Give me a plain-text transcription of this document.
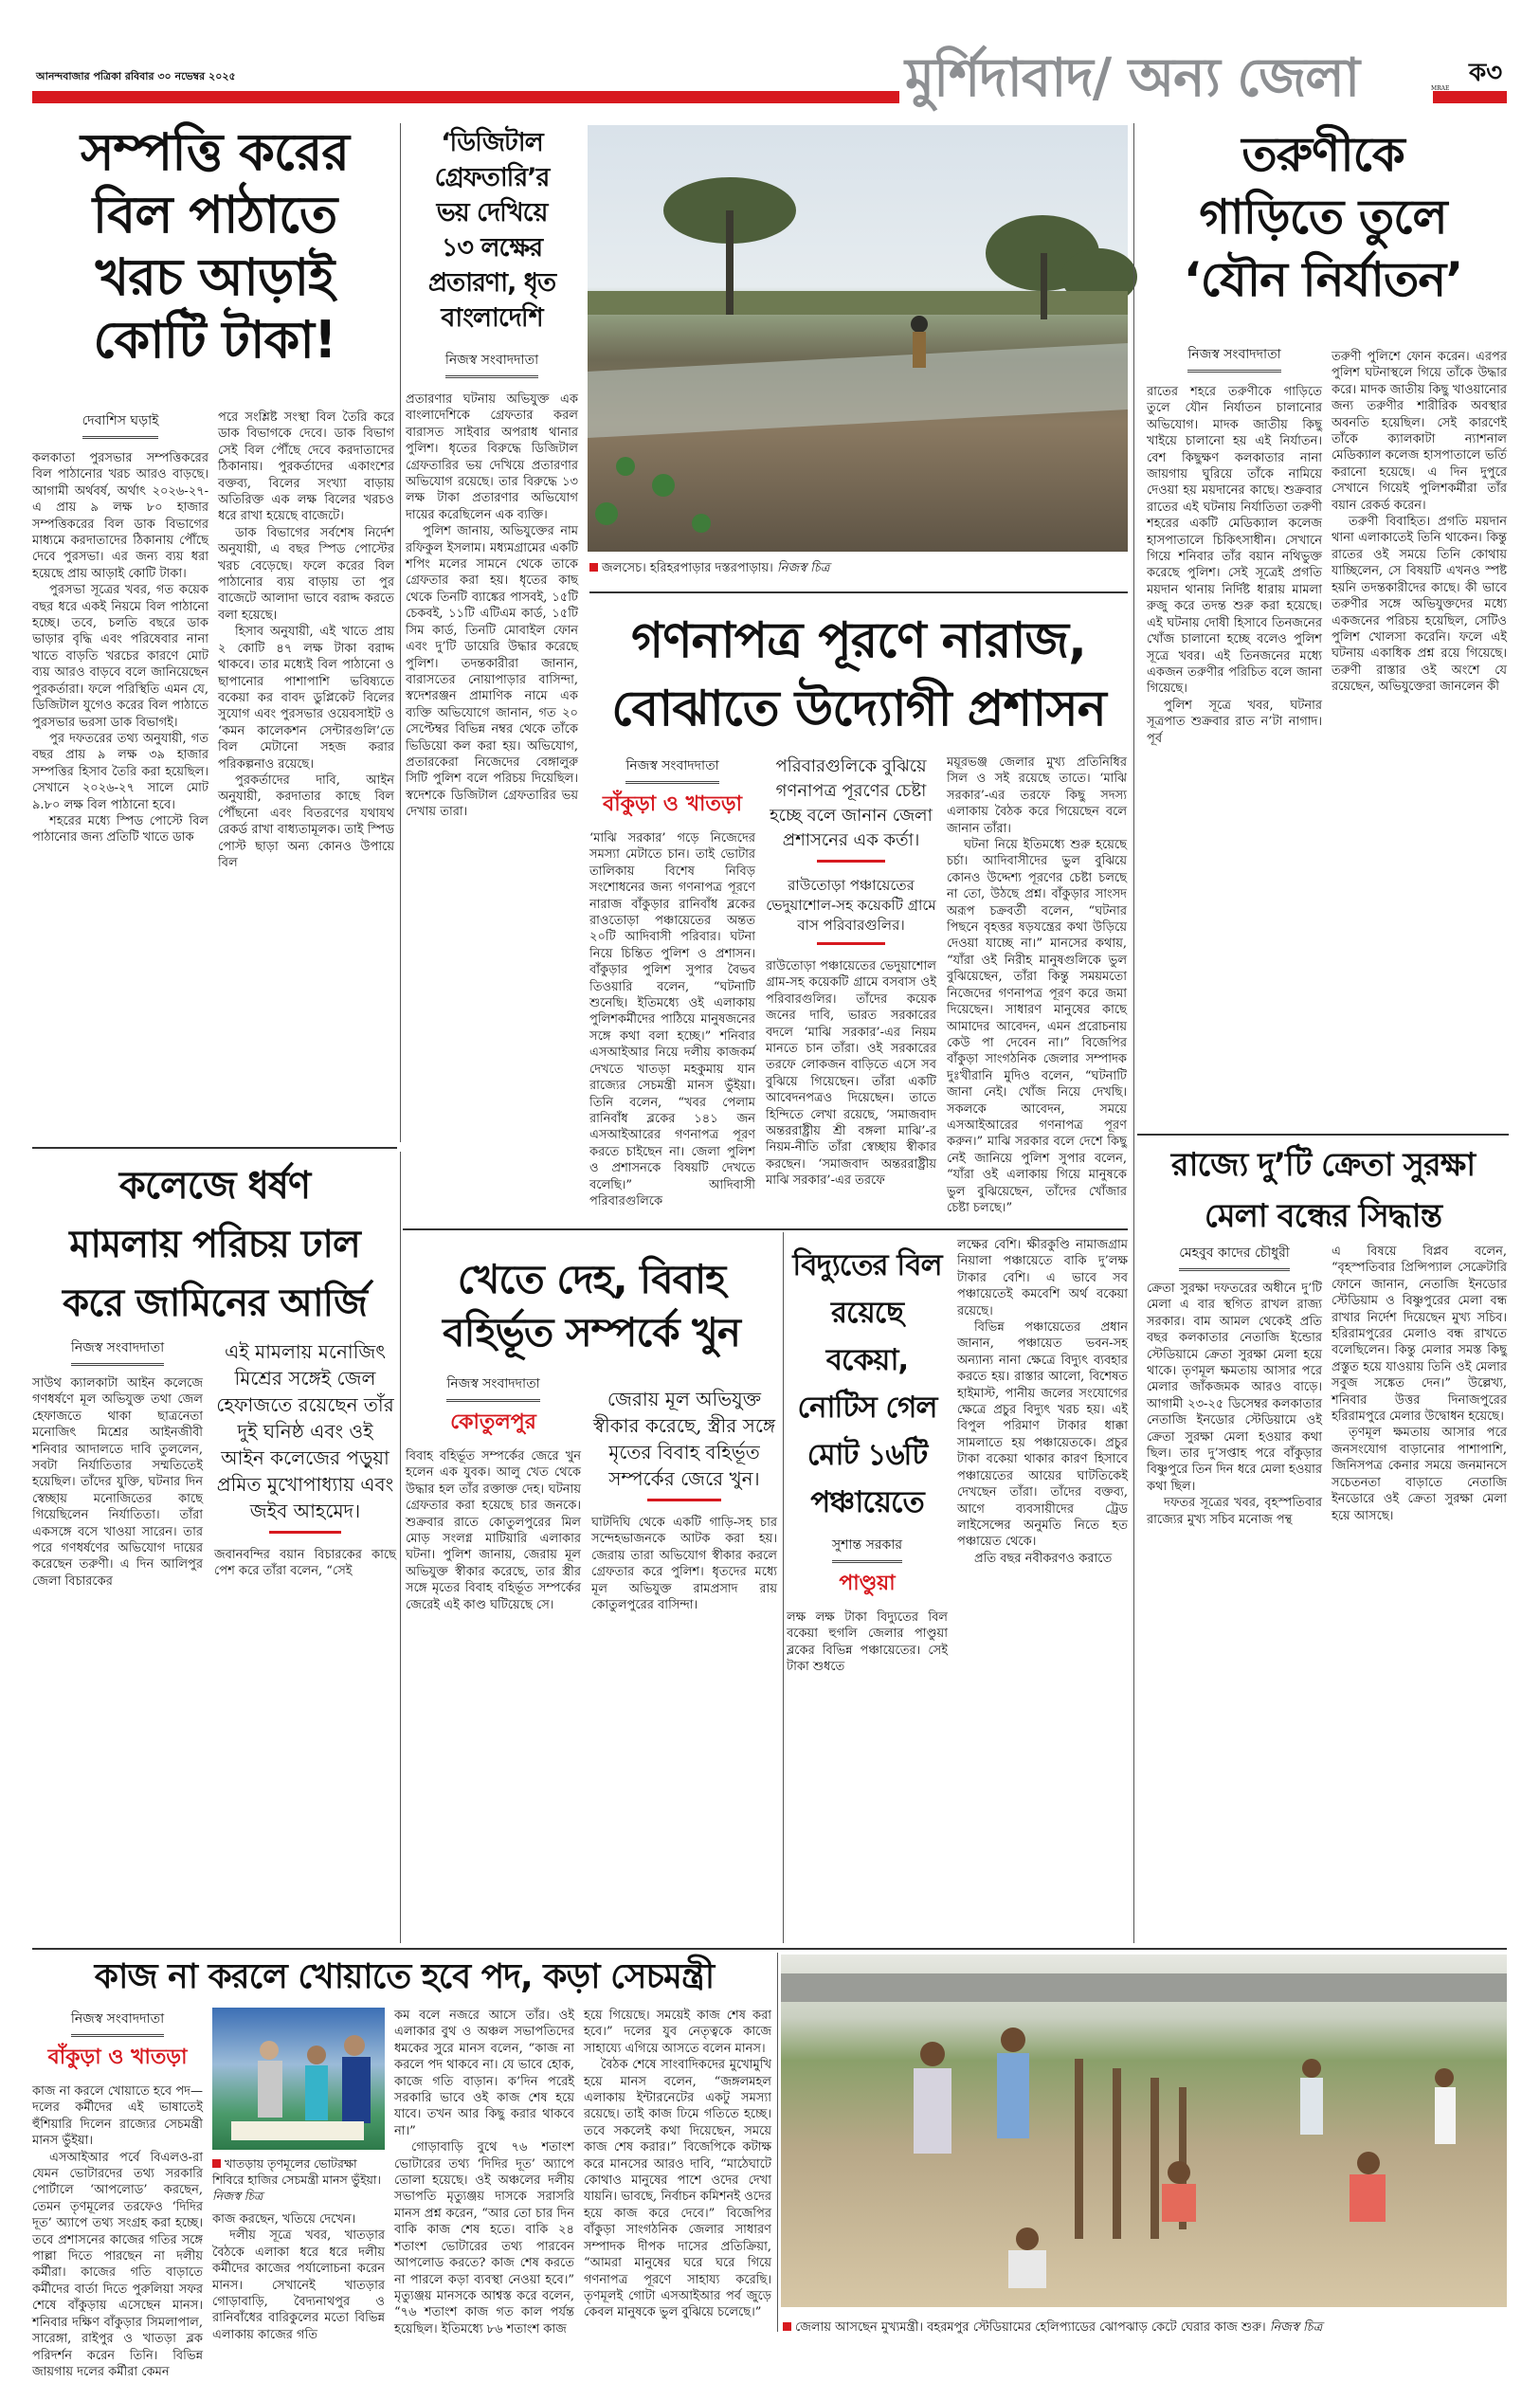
আনন্দবাজার পত্রিকা রবিবার ৩০ নভেম্বর ২০২৫	মুর্শিদাবাদ/ অন্য জেলা	MRAE
ক৩
সম্পত্তি করের
বিল পাঠাতে
খরচ আড়াই
কোটি টাকা!
দেবাশিস ঘড়াই

কলকাতা পুরসভার সম্পত্তিকরের বিল পাঠানোর খরচ আরও বাড়ছে। আগামী অর্থবর্ষ, অর্থাৎ ২০২৬-২৭-এ প্রায় ৯ লক্ষ ৮০ হাজার সম্পত্তিকরের বিল ডাক বিভাগের মাধ্যমে করদাতাদের ঠিকানায় পৌঁছে দেবে পুরসভা। এর জন্য ব্যয় ধরা হয়েছে প্রায় আড়াই কোটি টাকা।

পুরসভা সূত্রের খবর, গত কয়েক বছর ধরে একই নিয়মে বিল পাঠানো হচ্ছে। তবে, চলতি বছরে ডাক ভাড়ার বৃদ্ধি এবং পরিষেবার নানা খাতে বাড়তি খরচের কারণে মোট ব্যয় আরও বাড়বে বলে জানিয়েছেন পুরকর্তারা। ফলে পরিস্থিতি এমন যে, ডিজিটাল যুগেও করের বিল পাঠাতে পুরসভার ভরসা ডাক বিভাগই।

পুর দফতরের তথ্য অনুযায়ী, গত বছর প্রায় ৯ লক্ষ ৩৯ হাজার সম্পত্তির হিসাব তৈরি করা হয়েছিল। সেখানে ২০২৬-২৭ সালে মোট ৯.৮০ লক্ষ বিল পাঠানো হবে।

শহরের মধ্যে স্পিড পোস্টে বিল পাঠানোর জন্য প্রতিটি খাতে ডাক

পরে সংশ্লিষ্ট সংস্থা বিল তৈরি করে ডাক বিভাগকে দেবে। ডাক বিভাগ সেই বিল পৌঁছে দেবে করদাতাদের ঠিকানায়। পুরকর্তাদের একাংশের বক্তব্য, বিলের সংখ্যা বাড়ায় অতিরিক্ত এক লক্ষ বিলের খরচও ধরে রাখা হয়েছে বাজেটে।

ডাক বিভাগের সর্বশেষ নির্দেশ অনুযায়ী, এ বছর স্পিড পোস্টের খরচ বেড়েছে। ফলে করের বিল পাঠানোর ব্যয় বাড়ায় তা পুর বাজেটে আলাদা ভাবে বরাদ্দ করতে বলা হয়েছে।

হিসাব অনুযায়ী, এই খাতে প্রায় ২ কোটি ৪৭ লক্ষ টাকা বরাদ্দ থাকবে। তার মধ্যেই বিল পাঠানো ও ছাপানোর পাশাপাশি ভবিষ্যতে বকেয়া কর বাবদ ডুপ্লিকেট বিলের সুযোগ এবং পুরসভার ওয়েবসাইট ও ‘কমন কালেকশন সেন্টারগুলি’তে বিল মেটানো সহজ করার পরিকল্পনাও রয়েছে।

পুরকর্তাদের দাবি, আইন অনুযায়ী, করদাতার কাছে বিল পৌঁছনো এবং বিতরণের যথাযথ রেকর্ড রাখা বাধ্যতামূলক। তাই স্পিড পোস্ট ছাড়া অন্য কোনও উপায়ে বিল

‘ডিজিটাল
গ্রেফতারি’র
ভয় দেখিয়ে
১৩ লক্ষের
প্রতারণা, ধৃত
বাংলাদেশি
নিজস্ব সংবাদদাতা

প্রতারণার ঘটনায় অভিযুক্ত এক বাংলাদেশিকে গ্রেফতার করল বারাসত সাইবার অপরাধ থানার পুলিশ। ধৃতের বিরুদ্ধে ডিজিটাল গ্রেফতারির ভয় দেখিয়ে প্রতারণার অভিযোগ রয়েছে। তার বিরুদ্ধে ১৩ লক্ষ টাকা প্রতারণার অভিযোগ দায়ের করেছিলেন এক ব্যক্তি।

পুলিশ জানায়, অভিযুক্তের নাম রফিকুল ইসলাম। মধ্যমগ্রামের একটি শপিং মলের সামনে থেকে তাকে গ্রেফতার করা হয়। ধৃতের কাছ থেকে তিনটি ব্যাঙ্কের পাসবই, ১৫টি চেকবই, ১১টি এটিএম কার্ড, ১৫টি সিম কার্ড, তিনটি মোবাইল ফোন এবং দু’টি ডায়েরি উদ্ধার করেছে পুলিশ। তদন্তকারীরা জানান, বারাসতের নোয়াপাড়ার বাসিন্দা, স্বদেশরঞ্জন প্রামাণিক নামে এক ব্যক্তি অভিযোগে জানান, গত ২০ সেপ্টেম্বর বিভিন্ন নম্বর থেকে তাঁকে ভিডিয়ো কল করা হয়। অভিযোগ, প্রতারকেরা নিজেদের বেঙ্গালুরু সিটি পুলিশ বলে পরিচয় দিয়েছিল। স্বদেশকে ডিজিটাল গ্রেফতারির ভয় দেখায় তারা।

জলসেচ। হরিহরপাড়ার দস্তরপাড়ায়। নিজস্ব চিত্র
গণনাপত্র পূরণে নারাজ,
বোঝাতে উদ্যোগী প্রশাসন
নিজস্ব সংবাদদাতা
বাঁকুড়া ও খাতড়া

‘মাঝি সরকার’ গড়ে নিজেদের সমস্যা মেটাতে চান। তাই ভোটার তালিকায় বিশেষ নিবিড় সংশোধনের জন্য গণনাপত্র পূরণে নারাজ বাঁকুড়ার রানিবাঁধ ব্লকের রাওতোড়া পঞ্চায়েতের অন্তত ২০টি আদিবাসী পরিবার। ঘটনা নিয়ে চিন্তিত পুলিশ ও প্রশাসন। বাঁকুড়ার পুলিশ সুপার বৈভব তিওয়ারি বলেন, “ঘটনাটি শুনেছি। ইতিমধ্যে ওই এলাকায় পুলিশকর্মীদের পাঠিয়ে মানুষজনের সঙ্গে কথা বলা হচ্ছে।” শনিবার এসআইআর নিয়ে দলীয় কাজকর্ম দেখতে খাতড়া মহকুমায় যান রাজ্যের সেচমন্ত্রী মানস ভুঁইয়া। তিনি বলেন, “খবর পেলাম রানিবাঁধ ব্লকের ১৪১ জন এসআইআরের গণনাপত্র পূরণ করতে চাইছেন না। জেলা পুলিশ ও প্রশাসনকে বিষয়টি দেখতে বলেছি।” আদিবাসী পরিবারগুলিকে

পরিবারগুলিকে বুঝিয়ে গণনাপত্র পূরণের চেষ্টা হচ্ছে বলে জানান জেলা প্রশাসনের এক কর্তা।
রাউতোড়া পঞ্চায়েতের ভেদুয়াশোল-সহ কয়েকটি গ্রামে বাস পরিবারগুলির।

রাউতোড়া পঞ্চায়েতের ভেদুয়াশোল গ্রাম-সহ কয়েকটি গ্রামে বসবাস ওই পরিবারগুলির। তাঁদের কয়েক জনের দাবি, ভারত সরকারের বদলে ‘মাঝি সরকার’-এর নিয়ম মানতে চান তাঁরা। ওই সরকারের তরফে লোকজন বাড়িতে এসে সব বুঝিয়ে গিয়েছেন। তাঁরা একটি আবেদনপত্রও দিয়েছেন। তাতে হিন্দিতে লেখা রয়েছে, ‘সমাজবাদ অন্তররাষ্ট্রীয় শ্রী বঙ্গলা মাঝি’-র নিয়ম-নীতি তাঁরা স্বেচ্ছায় স্বীকার করছেন। ‘সমাজবাদ অন্তররাষ্ট্রীয় মাঝি সরকার’-এর তরফে

ময়ূরভঞ্জ জেলার মুখ্য প্রতিনিধির সিল ও সই রয়েছে তাতে। ‘মাঝি সরকার’-এর তরফে কিছু সদস্য এলাকায় বৈঠক করে গিয়েছেন বলে জানান তাঁরা।

ঘটনা নিয়ে ইতিমধ্যে শুরু হয়েছে চর্চা। আদিবাসীদের ভুল বুঝিয়ে কোনও উদ্দেশ্য পূরণের চেষ্টা চলছে না তো, উঠছে প্রশ্ন। বাঁকুড়ার সাংসদ অরূপ চক্রবর্তী বলেন, “ঘটনার পিছনে বৃহত্তর ষড়যন্ত্রের কথা উড়িয়ে দেওয়া যাচ্ছে না।” মানসের কথায়, “যাঁরা ওই নিরীহ মানুষগুলিকে ভুল বুঝিয়েছেন, তাঁরা কিন্তু সময়মতো নিজেদের গণনাপত্র পূরণ করে জমা দিয়েছেন। সাধারণ মানুষের কাছে আমাদের আবেদন, এমন প্ররোচনায় কেউ পা দেবেন না।” বিজেপির বাঁকুড়া সাংগঠনিক জেলার সম্পাদক দুঃখীরানি মুদিও বলেন, “ঘটনাটি জানা নেই। খোঁজ নিয়ে দেখছি। সকলকে আবেদন, সময়ে এসআইআরের গণনাপত্র পূরণ করুন।” মাঝি সরকার বলে দেশে কিছু নেই জানিয়ে পুলিশ সুপার বলেন, “যাঁরা ওই এলাকায় গিয়ে মানুষকে ভুল বুঝিয়েছেন, তাঁদের খোঁজার চেষ্টা চলছে।”

তরুণীকে
গাড়িতে তুলে
‘যৌন নির্যাতন’
নিজস্ব সংবাদদাতা

রাতের শহরে তরুণীকে গাড়িতে তুলে যৌন নির্যাতন চালানোর অভিযোগ। মাদক জাতীয় কিছু খাইয়ে চালানো হয় এই নির্যাতন। বেশ কিছুক্ষণ কলকাতার নানা জায়গায় ঘুরিয়ে তাঁকে নামিয়ে দেওয়া হয় ময়দানের কাছে। শুক্রবার রাতের এই ঘটনায় নির্যাতিতা তরুণী শহরের একটি মেডিক্যাল কলেজ হাসপাতালে চিকিৎসাধীন। সেখানে গিয়ে শনিবার তাঁর বয়ান নথিভুক্ত করেছে পুলিশ। সেই সূত্রেই প্রগতি ময়দান থানায় নির্দিষ্ট ধারায় মামলা রুজু করে তদন্ত শুরু করা হয়েছে। এই ঘটনায় দোষী হিসাবে তিনজনের খোঁজ চালানো হচ্ছে বলেও পুলিশ সূত্রে খবর। এই তিনজনের মধ্যে একজন তরুণীর পরিচিত বলে জানা গিয়েছে।

পুলিশ সূত্রে খবর, ঘটনার সূত্রপাত শুক্রবার রাত ন’টা নাগাদ। পূর্ব

তরুণী পুলিশে ফোন করেন। এরপর পুলিশ ঘটনাস্থলে গিয়ে তাঁকে উদ্ধার করে। মাদক জাতীয় কিছু খাওয়ানোর জন্য তরুণীর শারীরিক অবস্থার অবনতি হয়েছিল। সেই কারণেই তাঁকে ক্যালকাটা ন্যাশনাল মেডিক্যাল কলেজ হাসপাতালে ভর্তি করানো হয়েছে। এ দিন দুপুরে সেখানে গিয়েই পুলিশকর্মীরা তাঁর বয়ান রেকর্ড করেন।

তরুণী বিবাহিত। প্রগতি ময়দান থানা এলাকাতেই তিনি থাকেন। কিন্তু রাতের ওই সময়ে তিনি কোথায় যাচ্ছিলেন, সে বিষয়টি এখনও স্পষ্ট হয়নি তদন্তকারীদের কাছে। কী ভাবে তরুণীর সঙ্গে অভিযুক্তদের মধ্যে একজনের পরিচয় হয়েছিল, সেটিও পুলিশ খোলসা করেনি। ফলে এই ঘটনায় একাধিক প্রশ্ন রয়ে গিয়েছে। তরুণী রাস্তার ওই অংশে যে রয়েছেন, অভিযুক্তেরা জানলেন কী

কলেজে ধর্ষণ
মামলায় পরিচয় ঢাল
করে জামিনের আর্জি
নিজস্ব সংবাদদাতা

সাউথ ক্যালকাটা আইন কলেজে গণধর্ষণে মূল অভিযুক্ত তথা জেল হেফাজতে থাকা ছাত্রনেতা মনোজিৎ মিশ্রের আইনজীবী শনিবার আদালতে দাবি তুললেন, সবটা নির্যাতিতার সম্মতিতেই হয়েছিল। তাঁদের যুক্তি, ঘটনার দিন স্বেচ্ছায় মনোজিতের কাছে গিয়েছিলেন নির্যাতিতা। তাঁরা একসঙ্গে বসে খাওয়া সারেন। তার পরে গণধর্ষণের অভিযোগ দায়ের করেছেন তরুণী। এ দিন আলিপুর জেলা বিচারকের

এই মামলায় মনোজিৎ মিশ্রের সঙ্গেই জেল হেফাজতে রয়েছেন তাঁর দুই ঘনিষ্ঠ এবং ওই আইন কলেজের পড়ুয়া প্রমিত মুখোপাধ্যায় এবং জইব আহমেদ।

জবানবন্দির বয়ান বিচারকের কাছে পেশ করে তাঁরা বলেন, “সেই

খেতে দেহ, বিবাহ
বহির্ভূত সম্পর্কে খুন
নিজস্ব সংবাদদাতা
কোতুলপুর

বিবাহ বহির্ভূত সম্পর্কের জেরে খুন হলেন এক যুবক। আলু খেত থেকে উদ্ধার হল তাঁর রক্তাক্ত দেহ। ঘটনায় গ্রেফতার করা হয়েছে চার জনকে। শুক্রবার রাতে কোতুলপুরের মিল মোড় সংলগ্ন মাটিয়ারি এলাকার ঘটনা। পুলিশ জানায়, জেরায় মূল অভিযুক্ত স্বীকার করেছে, তার স্ত্রীর সঙ্গে মৃতের বিবাহ বহির্ভূত সম্পর্কের জেরেই এই কাণ্ড ঘটিয়েছে সে।

জেরায় মূল অভিযুক্ত স্বীকার করেছে, স্ত্রীর সঙ্গে মৃতের বিবাহ বহির্ভূত সম্পর্কের জেরে খুন।

ঘাটদিঘি থেকে একটি গাড়ি-সহ চার সন্দেহভাজনকে আটক করা হয়। জেরায় তারা অভিযোগ স্বীকার করলে গ্রেফতার করে পুলিশ। ধৃতদের মধ্যে মূল অভিযুক্ত রামপ্রসাদ রায় কোতুলপুরের বাসিন্দা।

বিদ্যুতের বিল
রয়েছে বকেয়া,
নোটিস গেল
মোট ১৬টি
পঞ্চায়েতে
সুশান্ত সরকার
পাণ্ডুয়া

লক্ষ লক্ষ টাকা বিদ্যুতের বিল বকেয়া হুগলি জেলার পাণ্ডুয়া ব্লকের বিভিন্ন পঞ্চায়েতের। সেই টাকা শুধতে

লক্ষের বেশি। ক্ষীরকুণ্ডি নামাজগ্রাম নিয়ালা পঞ্চায়েতে বাকি দু’লক্ষ টাকার বেশি। এ ভাবে সব পঞ্চায়েতেই কমবেশি অর্থ বকেয়া রয়েছে।

বিভিন্ন পঞ্চায়েতের প্রধান জানান, পঞ্চায়েত ভবন-সহ অন্যান্য নানা ক্ষেত্রে বিদ্যুৎ ব্যবহার করতে হয়। রাস্তার আলো, বিশেষত হাইমাস্ট, পানীয় জলের সংযোগের ক্ষেত্রে প্রচুর বিদ্যুৎ খরচ হয়। এই বিপুল পরিমাণ টাকার ধাক্কা সামলাতে হয় পঞ্চায়েতকে। প্রচুর টাকা বকেয়া থাকার কারণ হিসাবে পঞ্চায়েতের আয়ের ঘাটতিকেই দেখছেন তাঁরা। তাঁদের বক্তব্য, আগে ব্যবসায়ীদের ট্রেড লাইসেন্সের অনুমতি নিতে হত পঞ্চায়েত থেকে।

প্রতি বছর নবীকরণও করাতে

রাজ্যে দু’টি ক্রেতা সুরক্ষা
মেলা বন্ধের সিদ্ধান্ত
মেহবুব কাদের চৌধুরী

ক্রেতা সুরক্ষা দফতরের অধীনে দু’টি মেলা এ বার স্থগিত রাখল রাজ্য সরকার। বাম আমল থেকেই প্রতি বছর কলকাতার নেতাজি ইন্ডোর স্টেডিয়ামে ক্রেতা সুরক্ষা মেলা হয়ে থাকে। তৃণমূল ক্ষমতায় আসার পরে মেলার জাঁকজমক আরও বাড়ে। আগামী ২৩-২৫ ডিসেম্বর কলকাতার নেতাজি ইনডোর স্টেডিয়ামে ওই ক্রেতা সুরক্ষা মেলা হওয়ার কথা ছিল। তার দু’সপ্তাহ পরে বাঁকুড়ার বিষ্ণুপুরে তিন দিন ধরে মেলা হওয়ার কথা ছিল।

দফতর সূত্রের খবর, বৃহস্পতিবার রাজ্যের মুখ্য সচিব মনোজ পন্থ

এ বিষয়ে বিপ্লব বলেন, “বৃহস্পতিবার প্রিন্সিপ্যাল সেক্রেটারি ফোনে জানান, নেতাজি ইনডোর স্টেডিয়াম ও বিষ্ণুপুরের মেলা বন্ধ রাখার নির্দেশ দিয়েছেন মুখ্য সচিব। হরিরামপুরের মেলাও বন্ধ রাখতে বলেছিলেন। কিন্তু মেলার সমস্ত কিছু প্রস্তুত হয়ে যাওয়ায় তিনি ওই মেলার সবুজ সঙ্কেত দেন।” উল্লেখ্য, শনিবার উত্তর দিনাজপুরের হরিরামপুরে মেলার উদ্বোধন হয়েছে।

তৃণমূল ক্ষমতায় আসার পরে জনসংযোগ বাড়ানোর পাশাপাশি, জিনিসপত্র কেনার সময়ে জনমানসে সচেতনতা বাড়াতে নেতাজি ইনডোরে ওই ক্রেতা সুরক্ষা মেলা হয়ে আসছে।

কাজ না করলে খোয়াতে হবে পদ, কড়া সেচমন্ত্রী
নিজস্ব সংবাদদাতা
বাঁকুড়া ও খাতড়া

কাজ না করলে খোয়াতে হবে পদ— দলের কর্মীদের এই ভাষাতেই হুঁশিয়ারি দিলেন রাজ্যের সেচমন্ত্রী মানস ভুঁইয়া।

এসআইআর পর্বে বিএলও-রা যেমন ভোটারদের তথ্য সরকারি পোর্টালে ‘আপলোড’ করছেন, তেমন তৃণমূলের তরফেও ‘দিদির দূত’ অ্যাপে তথ্য সংগ্রহ করা হচ্ছে। তবে প্রশাসনের কাজের গতির সঙ্গে পাল্লা দিতে পারছেন না দলীয় কর্মীরা। কাজের গতি বাড়াতে কর্মীদের বার্তা দিতে পুরুলিয়া সফর শেষে বাঁকুড়ায় এসেছেন মানস। শনিবার দক্ষিণ বাঁকুড়ার সিমলাপাল, সারেঙ্গা, রাইপুর ও খাতড়া ব্লক পরিদর্শন করেন তিনি। বিভিন্ন জায়গায় দলের কর্মীরা কেমন

খাতড়ায় তৃণমূলের ভোটরক্ষা শিবিরে হাজির সেচমন্ত্রী মানস ভুঁইয়া। নিজস্ব চিত্র

কাজ করছেন, খতিয়ে দেখেন।

দলীয় সূত্রে খবর, খাতড়ার বৈঠকে এলাকা ধরে ধরে দলীয় কর্মীদের কাজের পর্যালোচনা করেন মানস। সেখানেই খাতড়ার গোড়াবাড়ি, বৈদ্যনাথপুর ও রানিবাঁধের বারিকুলের মতো বিভিন্ন এলাকায় কাজের গতি

কম বলে নজরে আসে তাঁর। ওই এলাকার বুথ ও অঞ্চল সভাপতিদের ধমকের সুরে মানস বলেন, “কাজ না করলে পদ থাকবে না। যে ভাবে হোক, কাজে গতি বাড়ান। ক’দিন পরেই সরকারি ভাবে ওই কাজ শেষ হয়ে যাবে। তখন আর কিছু করার থাকবে না।”

গোড়াবাড়ি বুথে ৭৬ শতাংশ ভোটারের তথ্য ‘দিদির দূত’ অ্যাপে তোলা হয়েছে। ওই অঞ্চলের দলীয় সভাপতি মৃত্যুঞ্জয় দাসকে সরাসরি মানস প্রশ্ন করেন, “আর তো চার দিন বাকি কাজ শেষ হতে। বাকি ২৪ শতাংশ ভোটারের তথ্য পারবেন আপলোড করতে? কাজ শেষ করতে না পারলে কড়া ব্যবস্থা নেওয়া হবে।” মৃত্যুঞ্জয় মানসকে আশ্বস্ত করে বলেন, “৭৬ শতাংশ কাজ গত কাল পর্যন্ত হয়েছিল। ইতিমধ্যে ৮৬ শতাংশ কাজ

হয়ে গিয়েছে। সময়েই কাজ শেষ করা হবে।” দলের যুব নেতৃত্বকে কাজে সাহায্যে এগিয়ে আসতে বলেন মানস।

বৈঠক শেষে সাংবাদিকদের মুখোমুখি হয়ে মানস বলেন, “জঙ্গলমহল এলাকায় ইন্টারনেটের একটু সমস্যা রয়েছে। তাই কাজ ঢিমে গতিতে হচ্ছে। তবে সকলেই কথা দিয়েছেন, সময়ে কাজ শেষ করার।” বিজেপিকে কটাক্ষ করে মানসের আরও দাবি, “মাঠেঘাটে কোথাও মানুষের পাশে ওদের দেখা যায়নি। ভাবছে, নির্বাচন কমিশনই ওদের হয়ে কাজ করে দেবে।” বিজেপির বাঁকুড়া সাংগঠনিক জেলার সাধারণ সম্পাদক দীপক দাসের প্রতিক্রিয়া, “আমরা মানুষের ঘরে ঘরে গিয়ে গণনাপত্র পূরণে সাহায্য করেছি। তৃণমূলই গোটা এসআইআর পর্ব জুড়ে কেবল মানুষকে ভুল বুঝিয়ে চলেছে।”

জেলায় আসছেন মুখ্যমন্ত্রী। বহরমপুর স্টেডিয়ামের হেলিপ্যাডের ঝোপঝাড় কেটে ঘেরার কাজ শুরু। নিজস্ব চিত্র
